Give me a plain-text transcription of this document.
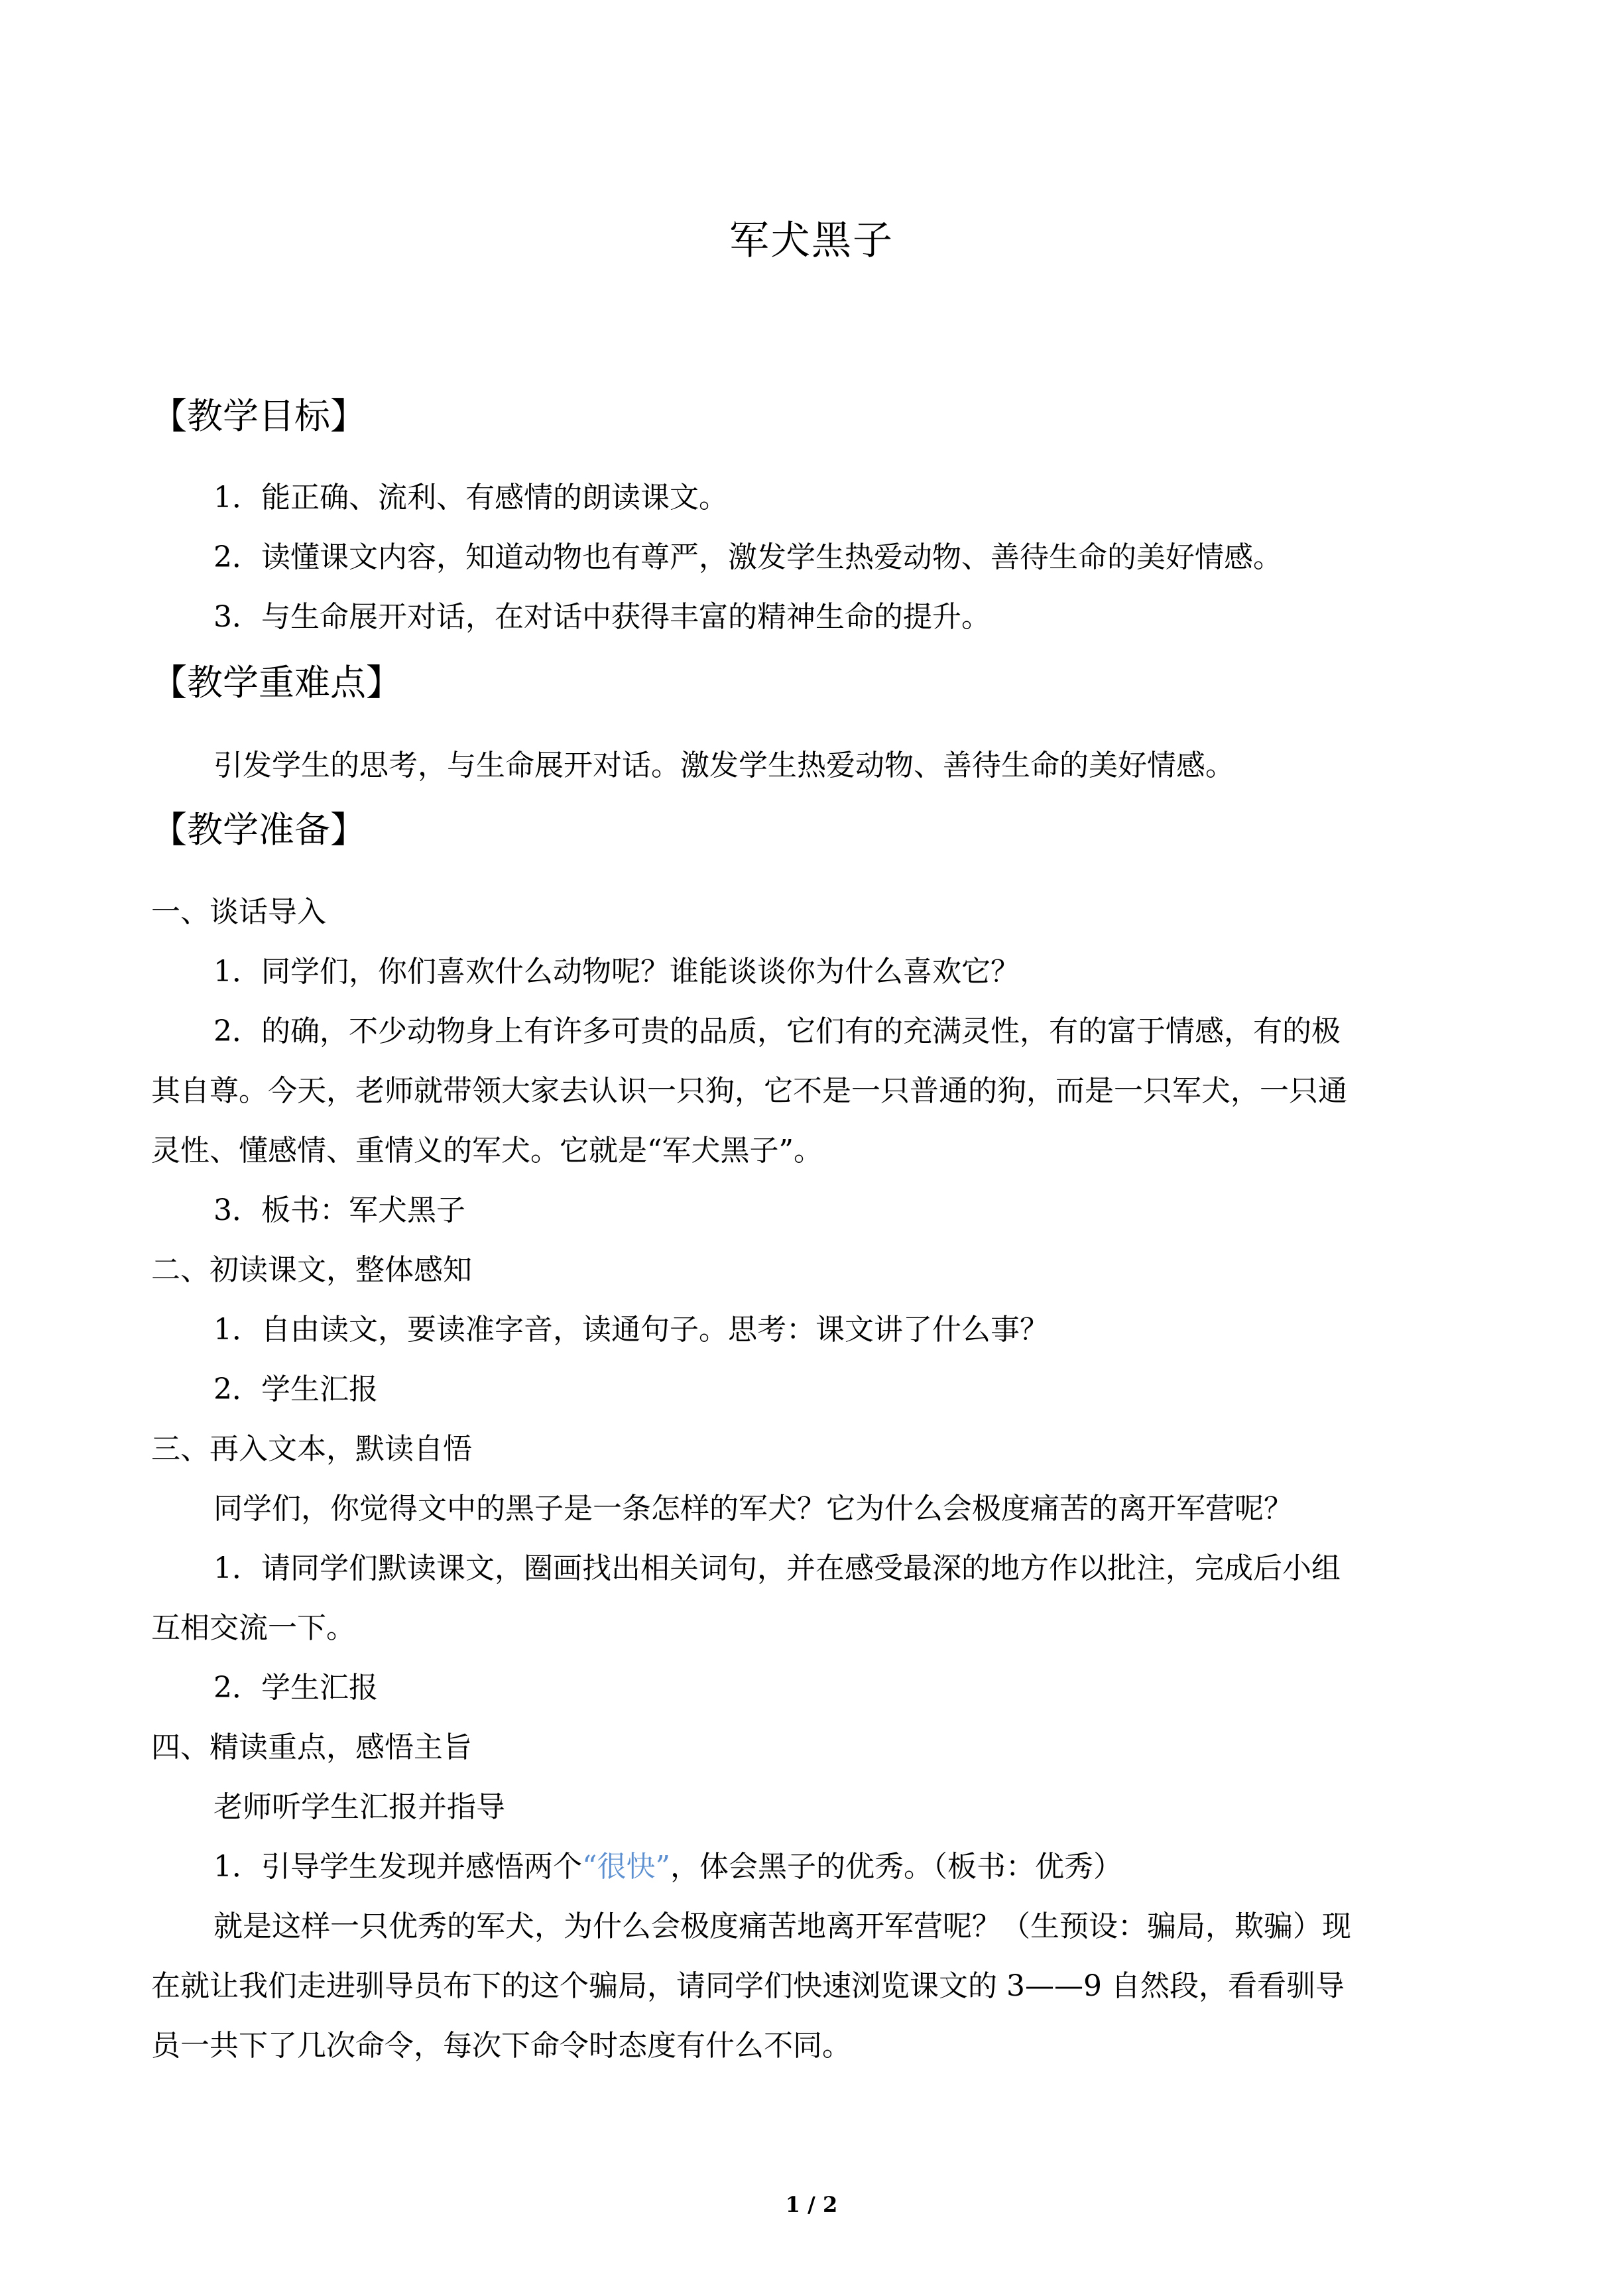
军犬黑子
【教学目标】
1．能正确、流利、有感情的朗读课文。
2．读懂课文内容，知道动物也有尊严，激发学生热爱动物、善待生命的美好情感。
3．与生命展开对话，在对话中获得丰富的精神生命的提升。
【教学重难点】
引发学生的思考，与生命展开对话。激发学生热爱动物、善待生命的美好情感。
【教学准备】
一、谈话导入
1．同学们，你们喜欢什么动物呢？谁能谈谈你为什么喜欢它？
2．的确，不少动物身上有许多可贵的品质，它们有的充满灵性，有的富于情感，有的极
其自尊。今天，老师就带领大家去认识一只狗，它不是一只普通的狗，而是一只军犬，一只通
灵性、懂感情、重情义的军犬。它就是“军犬黑子”。
3．板书：军犬黑子
二、初读课文，整体感知
1．自由读文，要读准字音，读通句子。思考：课文讲了什么事？
2．学生汇报
三、再入文本，默读自悟
同学们，你觉得文中的黑子是一条怎样的军犬？它为什么会极度痛苦的离开军营呢？
1．请同学们默读课文，圈画找出相关词句，并在感受最深的地方作以批注，完成后小组
互相交流一下。
2．学生汇报
四、精读重点，感悟主旨
老师听学生汇报并指导
1．引导学生发现并感悟两个“很快”，体会黑子的优秀。（板书：优秀）
就是这样一只优秀的军犬，为什么会极度痛苦地离开军营呢？（生预设：骗局，欺骗）现
在就让我们走进驯导员布下的这个骗局，请同学们快速浏览课文的 3——9 自然段，看看驯导
员一共下了几次命令，每次下命令时态度有什么不同。
1 / 2
